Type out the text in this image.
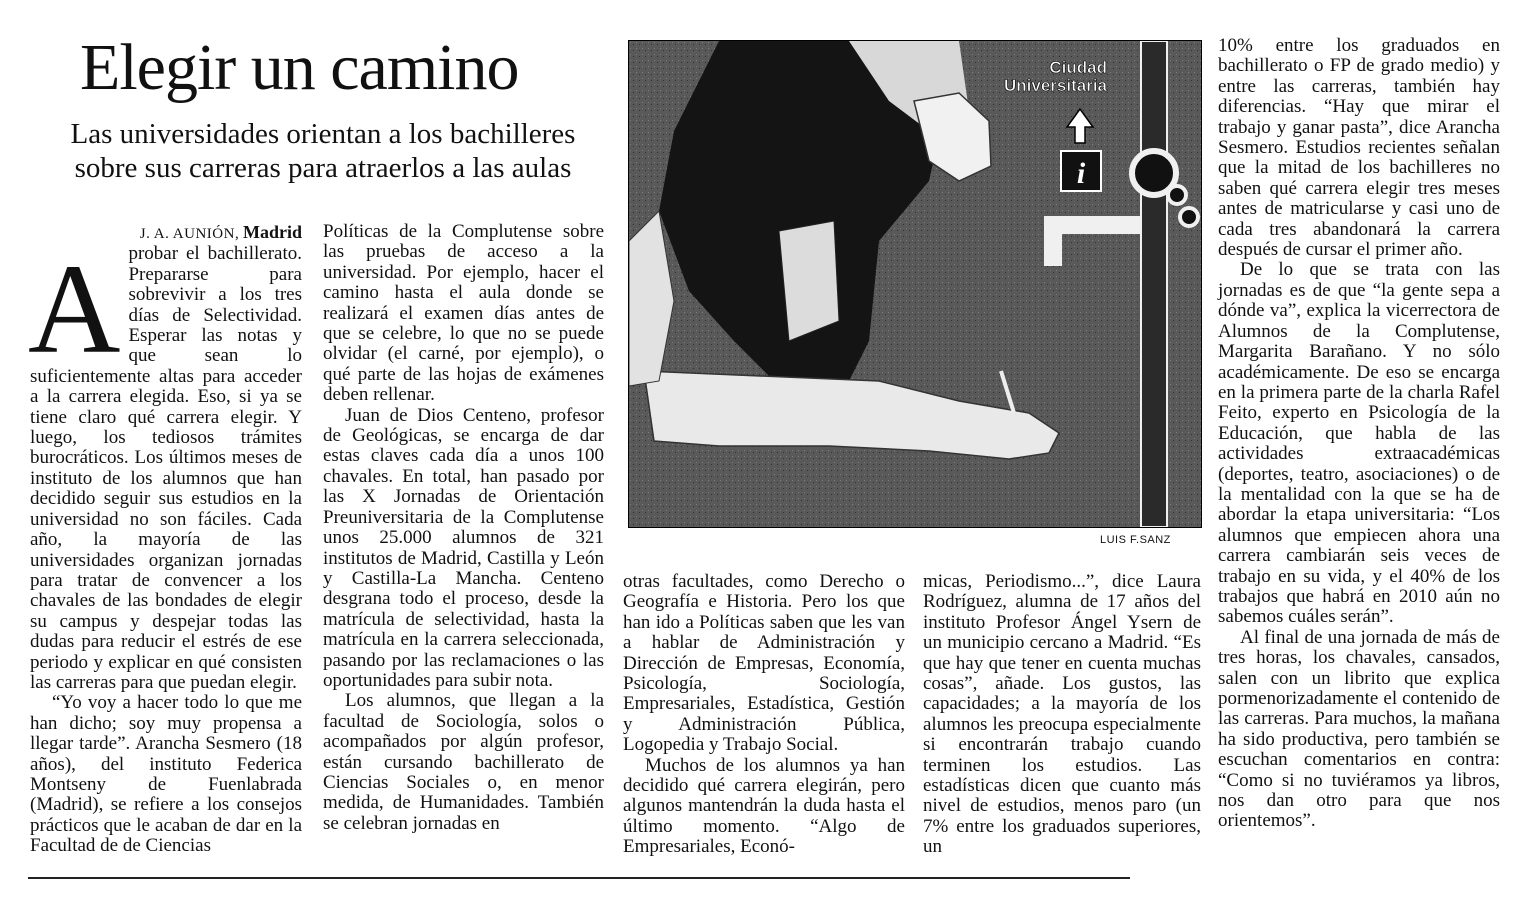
Elegir un camino
Las universidades orientan a los bachilleres
sobre sus carreras para atraerlos a las aulas

J. A. AUNIÓN, Madrid

Aprobar el bachillerato. Prepararse para sobrevivir a los tres días de Selectividad. Esperar las notas y que sean lo suficientemente altas para acceder a la carrera elegida. Eso, si ya se tiene claro qué carrera elegir. Y luego, los tediosos trámites burocráticos. Los últimos meses de instituto de los alumnos que han decidido seguir sus estudios en la universidad no son fáciles. Cada año, la mayoría de las universidades organizan jornadas para tratar de convencer a los chavales de las bondades de elegir su campus y despejar todas las dudas para reducir el estrés de ese periodo y explicar en qué consisten las carreras para que puedan elegir.

“Yo voy a hacer todo lo que me han dicho; soy muy propensa a llegar tarde”. Arancha Sesmero (18 años), del instituto Federica Montseny de Fuenlabrada (Madrid), se refiere a los consejos prácticos que le acaban de dar en la Facultad de de Ciencias

Políticas de la Complutense sobre las pruebas de acceso a la universidad. Por ejemplo, hacer el camino hasta el aula donde se realizará el examen días antes de que se celebre, lo que no se puede olvidar (el carné, por ejemplo), o qué parte de las hojas de exámenes deben rellenar.

Juan de Dios Centeno, profesor de Geológicas, se encarga de dar estas claves cada día a unos 100 chavales. En total, han pasado por las X Jornadas de Orientación Preuniversitaria de la Complutense unos 25.000 alumnos de 321 institutos de Madrid, Castilla y León y Castilla-La Mancha. Centeno desgrana todo el proceso, desde la matrícula de selectividad, hasta la matrícula en la carrera seleccionada, pasando por las reclamaciones o las oportunidades para subir nota.

Los alumnos, que llegan a la facultad de Sociología, solos o acompañados por algún profesor, están cursando bachillerato de Ciencias Sociales o, en menor medida, de Humanidades. También se celebran jornadas en

i
Ciudad
Universitaria
LUIS F.SANZ

otras facultades, como Derecho o Geografía e Historia. Pero los que han ido a Políticas saben que les van a hablar de Administración y Dirección de Empresas, Economía, Psicología, Sociología, Empresariales, Estadística, Gestión y Administración Pública, Logopedia y Trabajo Social.

Muchos de los alumnos ya han decidido qué carrera elegirán, pero algunos mantendrán la duda hasta el último momento. “Algo de Empresariales, Econó-

micas, Periodismo...”, dice Laura Rodríguez, alumna de 17 años del instituto Profesor Ángel Ysern de un municipio cercano a Madrid. “Es que hay que tener en cuenta muchas cosas”, añade. Los gustos, las capacidades; a la mayoría de los alumnos les preocupa especialmente si encontrarán trabajo cuando terminen los estudios. Las estadísticas dicen que cuanto más nivel de estudios, menos paro (un 7% entre los graduados superiores, un

10% entre los graduados en bachillerato o FP de grado medio) y entre las carreras, también hay diferencias. “Hay que mirar el trabajo y ganar pasta”, dice Arancha Sesmero. Estudios recientes señalan que la mitad de los bachilleres no saben qué carrera elegir tres meses antes de matricularse y casi uno de cada tres abandonará la carrera después de cursar el primer año.

De lo que se trata con las jornadas es de que “la gente sepa a dónde va”, explica la vicerrectora de Alumnos de la Complutense, Margarita Barañano. Y no sólo académicamente. De eso se encarga en la primera parte de la charla Rafel Feito, experto en Psicología de la Educación, que habla de las actividades extraacadémicas (deportes, teatro, asociaciones) o de la mentalidad con la que se ha de abordar la etapa universitaria: “Los alumnos que empiecen ahora una carrera cambiarán seis veces de trabajo en su vida, y el 40% de los trabajos que habrá en 2010 aún no sabemos cuáles serán”.

Al final de una jornada de más de tres horas, los chavales, cansados, salen con un librito que explica pormenorizadamente el contenido de las carreras. Para muchos, la mañana ha sido productiva, pero también se escuchan comentarios en contra: “Como si no tuviéramos ya libros, nos dan otro para que nos orientemos”.
